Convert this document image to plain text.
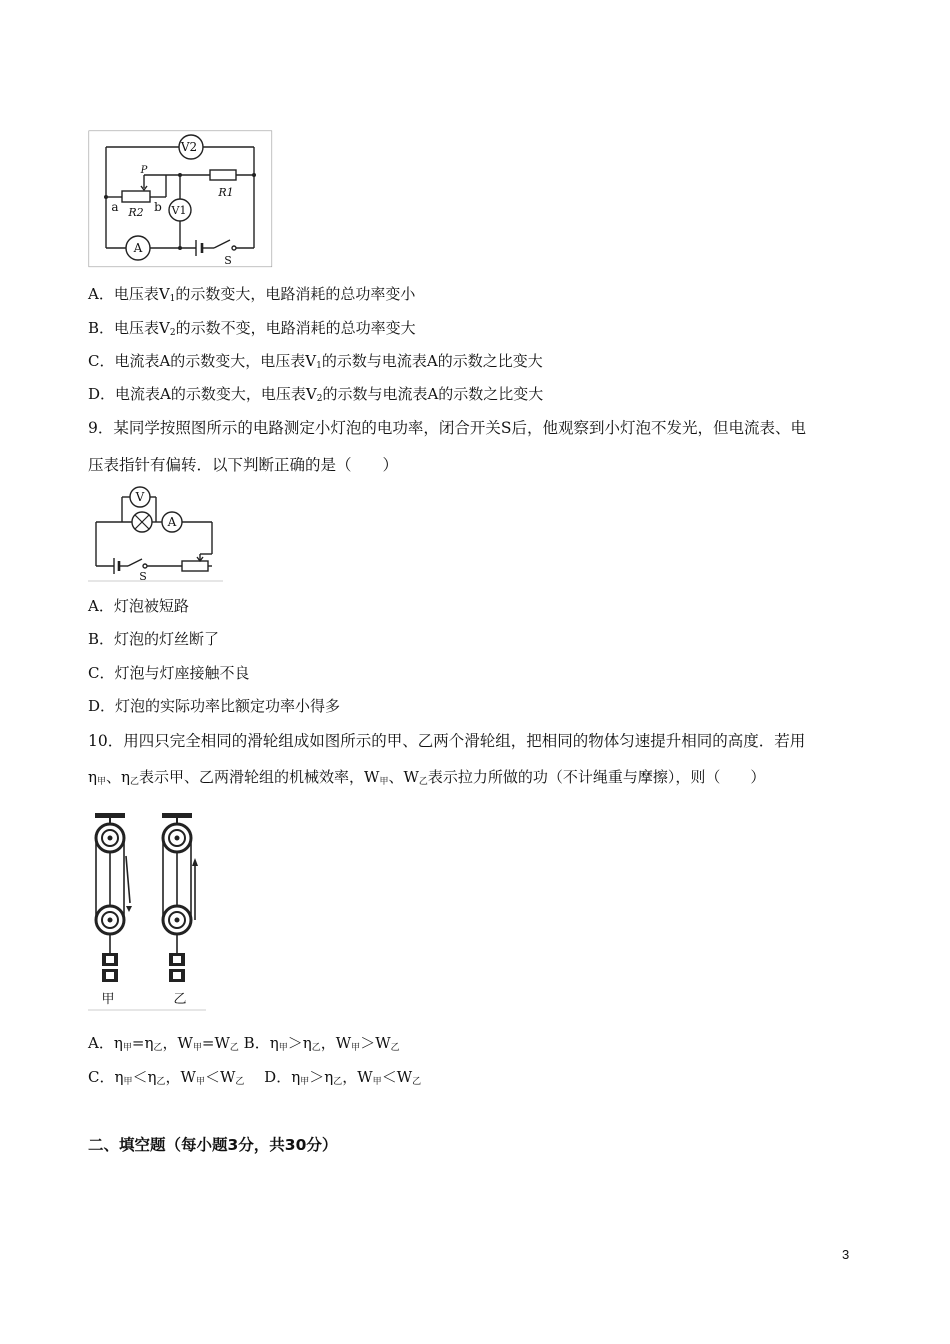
V2
V1
A
P
a	b
R2
R1
S
A．电压表$V_1$的示数变大，电路消耗的总功率变小
B．电压表$V_2$的示数不变，电路消耗的总功率变大
C．电流表A的示数变大，电压表$V_1$的示数与电流表A的示数之比变大
D．电流表A的示数变大，电压表$V_2$的示数与电流表A的示数之比变大
9．某同学按照图所示的电路测定小灯泡的电功率，闭合开关S后，他观察到小灯泡不发光，但电流表、电
压表指针有偏转．以下判断正确的是（　　）
V
A
S
A．灯泡被短路
B．灯泡的灯丝断了
C．灯泡与灯座接触不良
D．灯泡的实际功率比额定功率小得多
10．用四只完全相同的滑轮组成如图所示的甲、乙两个滑轮组，把相同的物体匀速提升相同的高度．若用
$\eta_甲$、$\eta_乙$表示甲、乙两滑轮组的机械效率，$W_甲$、$W_乙$表示拉力所做的功（不计绳重与摩擦），则（　　）
甲	乙
A．$\eta_甲=\eta_乙$，$W_甲=W_乙$ B．$\eta_甲>\eta_乙$，$W_甲>W_乙$
C．$\eta_甲<\eta_乙$，$W_甲<W_乙$　 D．$\eta_甲>\eta_乙$，$W_甲<W_乙$
二、填空题（每小题3分，共30分）
3
